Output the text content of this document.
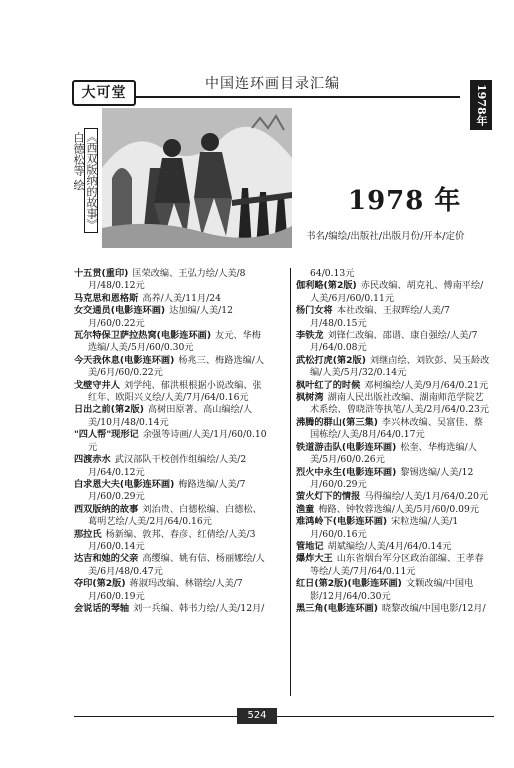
大可堂
中国连环画目录汇编
1978年
《西双版纳的故事》 白德松等 绘
1978 年
书名/编绘/出版社/出版月份/开本/定价
十五贯(重印) 匡荣改编、王弘力绘/人美/8月/48/0.12元
马克思和恩格斯 高养/人美/11月/24
女交通员(电影连环画) 达加编/人美/12月/60/0.22元
瓦尔特保卫萨拉热窝(电影连环画) 友元、华梅选编/人美/5月/60/0.30元
今天我休息(电影连环画) 杨兆三、梅路选编/人美/6月/60/0.22元
戈壁守井人 刘学纯、郁洪根根据小说改编、张红年、欧阳兴义绘/人美/7月/64/0.16元
日出之前(第2版) 高树田原著、高山编绘/人美/10月/48/0.14元
"四人帮"现形记 余强等诗画/人美/1月/60/0.10元
四渡赤水 武汉部队干校创作组编绘/人美/2月/64/0.12元
白求恩大夫(电影连环画) 梅路选编/人美/7月/60/0.29元
西双版纳的故事 刘治贵、白德松编、白德松、葛明艺绘/人美/2月/64/0.16元
那拉氏 杨新编、敦邦、春彦、红倩绘/人美/3月/60/0.14元
达吉和她的父亲 高缨编、姚有信、杨丽娜绘/人美/6月/48/0.47元
夺印(第2版) 蒋淑玛改编、林锴绘/人美/7月/60/0.19元
会说话的琴轴 刘一兵编、韩书力绘/人美/12月/
64/0.13元
伽利略(第2版) 赤民改编、胡克礼、傅南平绘/人美/6月/60/0.11元
杨门女将 本社改编、王叔晖绘/人美/7月/48/0.15元
李铁龙 刘锋仁改编、邵谱、康自强绘/人美/7月/64/0.08元
武松打虎(第2版) 刘继卣绘、刘钦彭、吴玉龄改编/人美/5月/32/0.14元
枫叶红了的时候 邓柯编绘/人美/9月/64/0.21元
枫树湾 湖南人民出版社改编、湖南师范学院艺术系绘、曾晓浒等执笔/人美/2月/64/0.23元
沸腾的群山(第三集) 李兴林改编、吴富佳、蔡国栋绘/人美/8月/64/0.17元
铁道游击队(电影连环画) 松奎、华梅选编/人美/5月/60/0.26元
烈火中永生(电影连环画) 黎锡选编/人美/12月/60/0.29元
萤火灯下的情报 马得编绘/人美/1月/64/0.20元
渔童 梅路、钟牧蓉选编/人美/5月/60/0.09元
难鸿岭下(电影连环画) 宋粒选编/人美/1月/60/0.16元
管地记 胡斌编绘/人美/4月/64/0.14元
爆炸大王 山东省烟台军分区政治部编、王孝春等绘/人美/7月/64/0.11元
红日(第2版)(电影连环画) 文颗改编/中国电影/12月/64/0.30元
黑三角(电影连环画) 晓黎改编/中国电影/12月/
524
